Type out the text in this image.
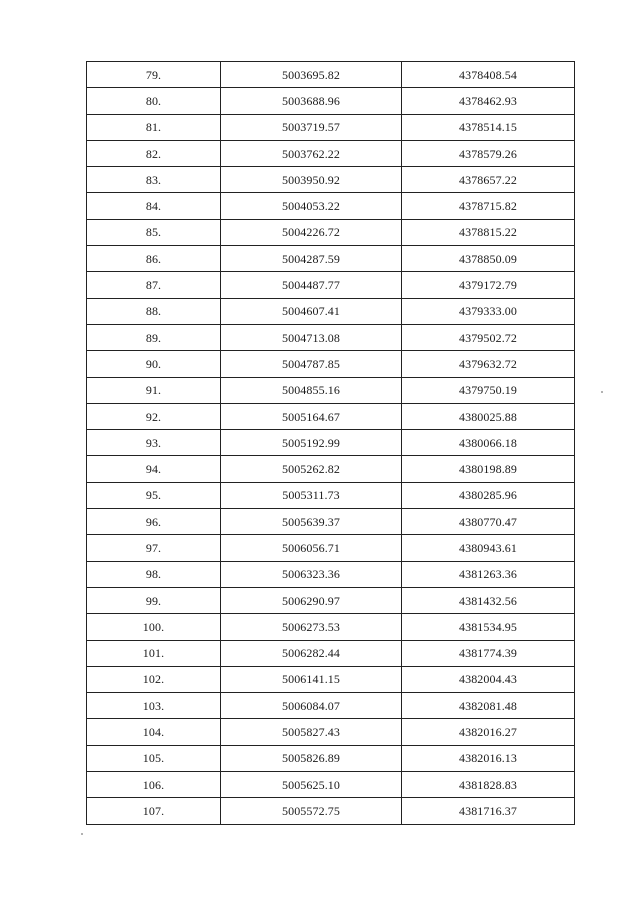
79.	5003695.82	4378408.54
80.	5003688.96	4378462.93
81.	5003719.57	4378514.15
82.	5003762.22	4378579.26
83.	5003950.92	4378657.22
84.	5004053.22	4378715.82
85.	5004226.72	4378815.22
86.	5004287.59	4378850.09
87.	5004487.77	4379172.79
88.	5004607.41	4379333.00
89.	5004713.08	4379502.72
90.	5004787.85	4379632.72
91.	5004855.16	4379750.19
92.	5005164.67	4380025.88
93.	5005192.99	4380066.18
94.	5005262.82	4380198.89
95.	5005311.73	4380285.96
96.	5005639.37	4380770.47
97.	5006056.71	4380943.61
98.	5006323.36	4381263.36
99.	5006290.97	4381432.56
100.	5006273.53	4381534.95
101.	5006282.44	4381774.39
102.	5006141.15	4382004.43
103.	5006084.07	4382081.48
104.	5005827.43	4382016.27
105.	5005826.89	4382016.13
106.	5005625.10	4381828.83
107.	5005572.75	4381716.37
